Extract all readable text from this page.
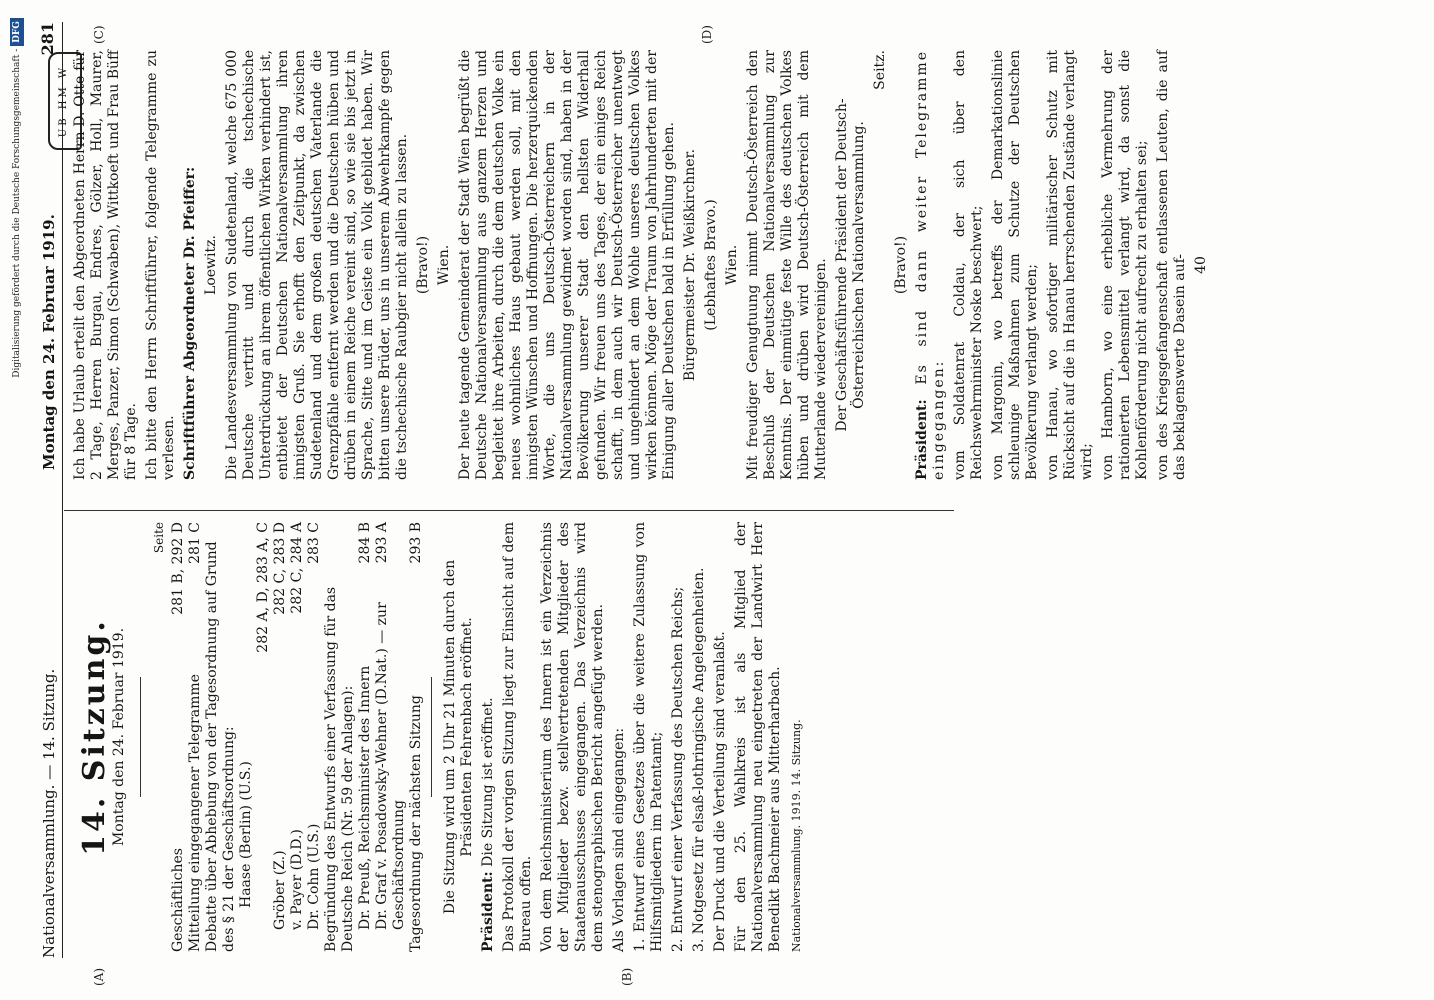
Digitalisierung gefördert durch die Deutsche Forschungsgemeinschaft - DFG
Nationalversammlung. — 14. Sitzung.
Montag den 24. Februar 1919.
281
UB HM W
(A)	(B)
(C)	(D)
14. Sitzung. Montag den 24. Februar 1919.
Seite
Geschäftliches
281 B, 292 D
Mitteilung eingegangener Telegramme
281 C Debatte über Abhebung von der Tagesordnung auf Grund des § 21 der Geschäftsordnung: Haase (Berlin) (U.S.)
282 A, D, 283 A, C
Gröber (Z.)
282 C, 283 D
v. Payer (D.D.)
282 C, 284 A
Dr. Cohn (U.S.)
283 C
Begründung des Entwurfs einer Verfassung für das Deutsche Reich (Nr. 59 der Anlagen): Dr. Preuß, Reichsminister des Innern
284 B
Dr. Graf v. Posadowsky-Wehner (D.Nat.) — zur Geschäftsordnung
293 A
Tagesordnung der nächsten Sitzung
293 B

Die Sitzung wird um 2 Uhr 21 Minuten durch den Präsidenten Fehrenbach eröffnet.

Präsident: Die Sitzung ist eröffnet. Das Protokoll der vorigen Sitzung liegt zur Einsicht auf dem Bureau offen. Von dem Reichsministerium des Innern ist ein Verzeichnis der Mitglieder bezw. stellvertretenden Mitglieder des Staatenausschusses eingegangen. Das Verzeichnis wird dem stenographischen Bericht angefügt werden. Als Vorlagen sind eingegangen: 1. Entwurf eines Gesetzes über die weitere Zulassung von Hilfsmitgliedern im Patentamt; 2. Entwurf einer Verfassung des Deutschen Reichs; 3. Notgesetz für elsaß-lothringische Angelegenheiten. Der Druck und die Verteilung sind veranlaßt. Für den 25. Wahlkreis ist als Mitglied der Nationalversammlung neu eingetreten der Landwirt Herr Benedikt Bachmeier aus Mitterharbach. Nationalversammlung. 1919. 14. Sitzung.

Ich habe Urlaub erteilt den Abgeordneten Herrn D. Otte für 2 Tage, Herren Burgau, Endres, Gölzer, Holl, Maurer, Merges, Panzer, Simon (Schwaben), Wittkoeft und Frau Büff für 8 Tage. Ich bitte den Herrn Schriftführer, folgende Telegramme zu verlesen. Schriftführer Abgeordneter Dr. Pfeiffer: Loewitz. Die Landesversammlung von Sudetenland, welche 675 000 Deutsche vertritt und durch die tschechische Unterdrückung an ihrem öffentlichen Wirken verhindert ist, entbietet der Deutschen Nationalversammlung ihren innigsten Gruß. Sie erhofft den Zeitpunkt, da zwischen Sudetenland und dem großen deutschen Vaterlande die Grenzpfähle entfernt werden und die Deutschen hüben und drüben in einem Reiche vereint sind, so wie sie bis jetzt in Sprache, Sitte und im Geiste ein Volk gebildet haben. Wir bitten unsere Brüder, uns in unserem Abwehrkampfe gegen die tschechische Raubgier nicht allein zu lassen. (Bravo!) Wien. Der heute tagende Gemeinderat der Stadt Wien begrüßt die Deutsche Nationalversammlung aus ganzem Herzen und begleitet ihre Arbeiten, durch die dem deutschen Volke ein neues wohnliches Haus gebaut werden soll, mit den innigsten Wünschen und Hoffnungen. Die herzerquickenden Worte, die uns Deutsch-Österreichern in der Nationalversammlung gewidmet worden sind, haben in der Bevölkerung unserer Stadt den hellsten Widerhall gefunden. Wir freuen uns des Tages, der ein einiges Reich schafft, in dem auch wir Deutsch-Österreicher unentwegt und ungehindert an dem Wohle unseres deutschen Volkes wirken können. Möge der Traum von Jahrhunderten mit der Einigung aller Deutschen bald in Erfüllung gehen. Bürgermeister Dr. Weißkirchner. (Lebhaftes Bravo.) Wien. Mit freudiger Genugtuung nimmt Deutsch-Österreich den Beschluß der Deutschen Nationalversammlung zur Kenntnis. Der einmütige feste Wille des deutschen Volkes hüben und drüben wird Deutsch-Österreich mit dem Mutterlande wiedervereinigen. Der Geschäftsführende Präsident der Deutsch-Österreichischen Nationalversammlung.

Seitz.

(Bravo!)

Präsident: Es sind dann weiter Telegramme eingegangen: vom Soldatenrat Coldau, der sich über den Reichswehrminister Noske beschwert; von Margonin, wo betreffs der Demarkationslinie schleunige Maßnahmen zum Schutze der Deutschen Bevölkerung verlangt werden; von Hanau, wo sofortiger militärischer Schutz mit Rücksicht auf die in Hanau herrschenden Zustände verlangt wird; von Hamborn, wo eine erhebliche Vermehrung der rationierten Lebensmittel verlangt wird, da sonst die Kohlenförderung nicht aufrecht zu erhalten sei; von des Kriegsgefangenschaft entlassenen Leuten, die auf das beklagenswerte Dasein auf- 40
